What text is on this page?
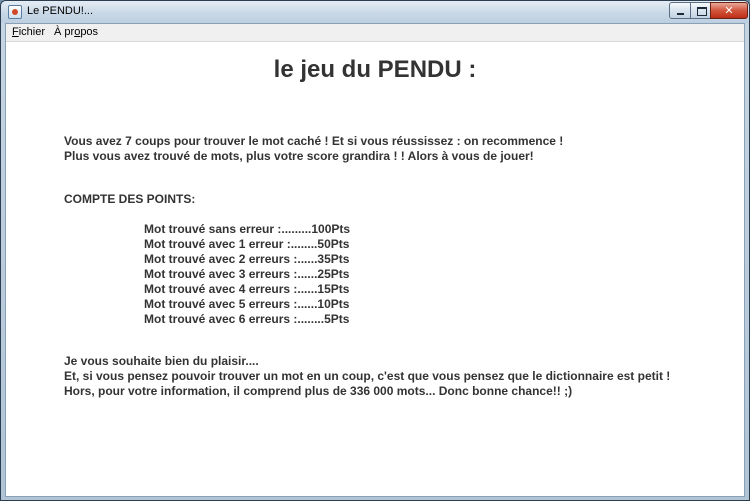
Le PENDU!...	✕
Fichier À propos
le jeu du PENDU :
Vous avez 7 coups pour trouver le mot caché ! Et si vous réussissez : on recommence !
Plus vous avez trouvé de mots, plus votre score grandira ! ! Alors à vous de jouer!
COMPTE DES POINTS:
Mot trouvé sans erreur :.........100Pts
Mot trouvé avec 1 erreur :........50Pts
Mot trouvé avec 2 erreurs :......35Pts
Mot trouvé avec 3 erreurs :......25Pts
Mot trouvé avec 4 erreurs :......15Pts
Mot trouvé avec 5 erreurs :......10Pts
Mot trouvé avec 6 erreurs :........5Pts
Je vous souhaite bien du plaisir....
Et, si vous pensez pouvoir trouver un mot en un coup, c'est que vous pensez que le dictionnaire est petit !
Hors, pour votre information, il comprend plus de 336 000 mots... Donc bonne chance!! ;)
